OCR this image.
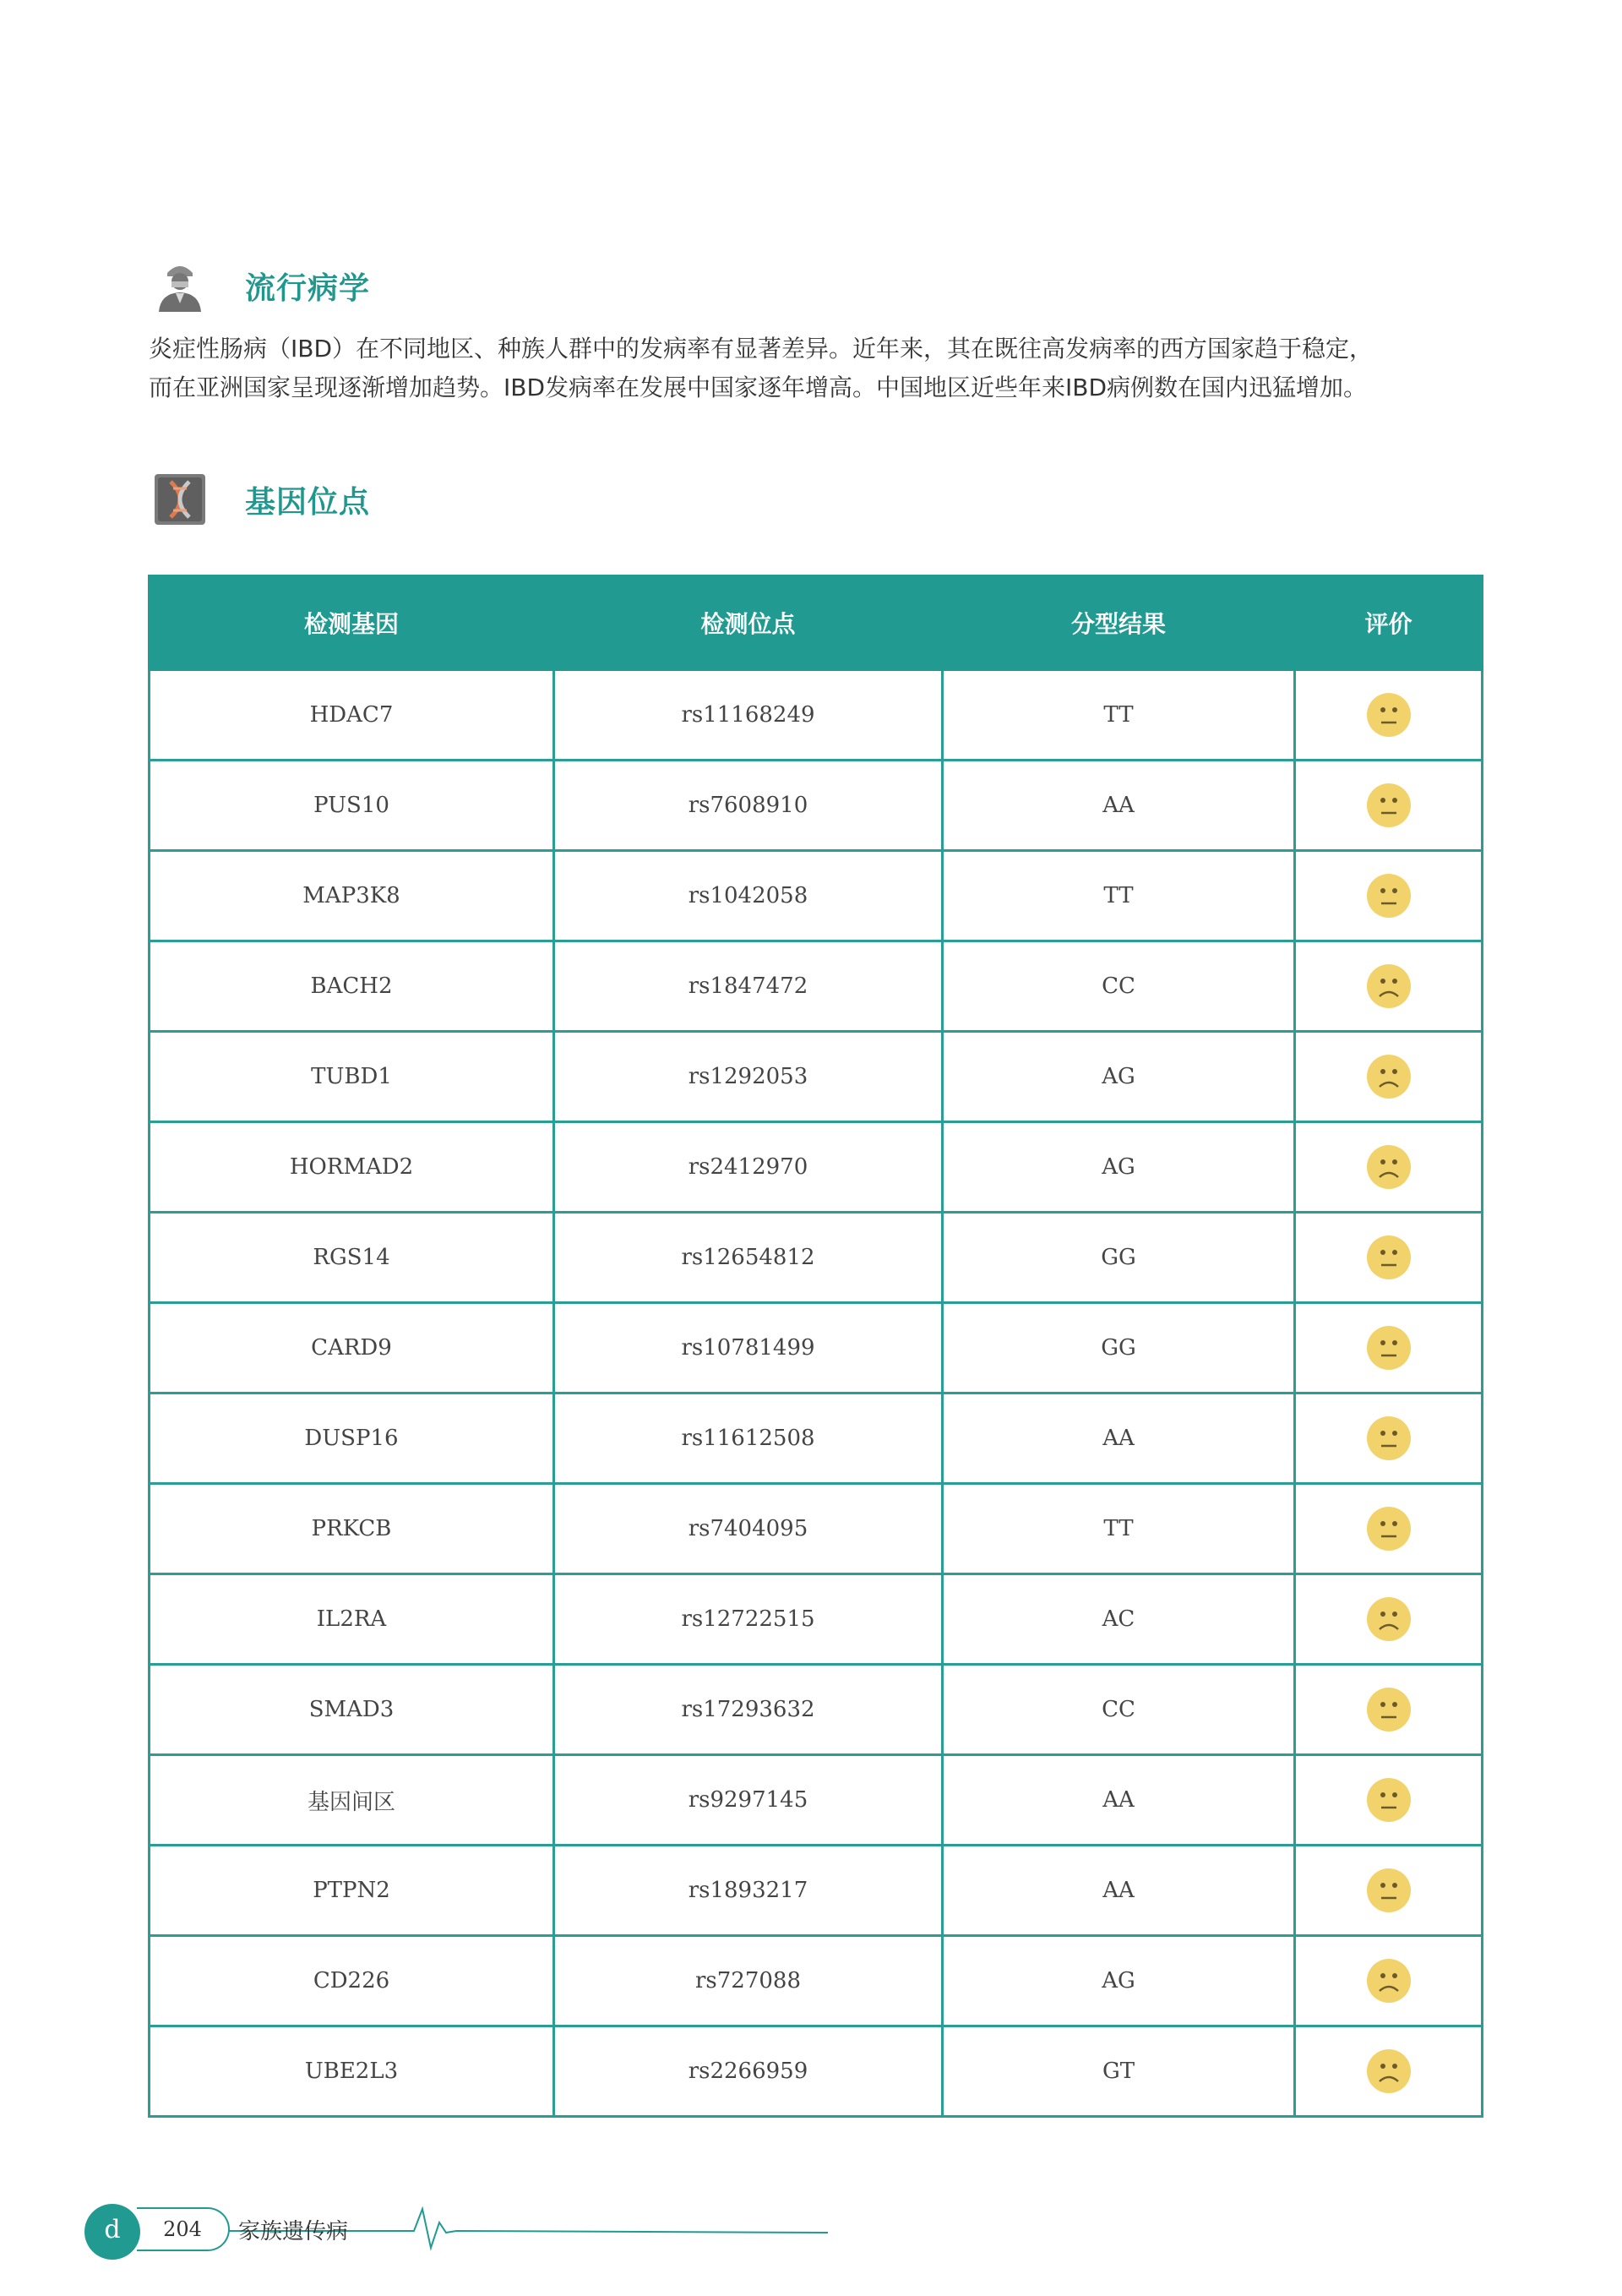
流行病学

炎症性肠病（IBD）在不同地区、种族人群中的发病率有显著差异。近年来，其在既往高发病率的西方国家趋于稳定，

而在亚洲国家呈现逐渐增加趋势。IBD发病率在发展中国家逐年增高。中国地区近些年来IBD病例数在国内迅猛增加。

基因位点
检测基因	检测位点	分型结果	评价
HDAC7	rs11168249	TT	

PUS10	rs7608910	AA	

MAP3K8	rs1042058	TT	

BACH2	rs1847472	CC	

TUBD1	rs1292053	AG	

HORMAD2	rs2412970	AG	

RGS14	rs12654812	GG	

CARD9	rs10781499	GG	

DUSP16	rs11612508	AA	

PRKCB	rs7404095	TT	

IL2RA	rs12722515	AC	

SMAD3	rs17293632	CC	

基因间区	rs9297145	AA	

PTPN2	rs1893217	AA	

CD226	rs727088	AG	

UBE2L3	rs2266959	GT	
d	204	家族遗传病
